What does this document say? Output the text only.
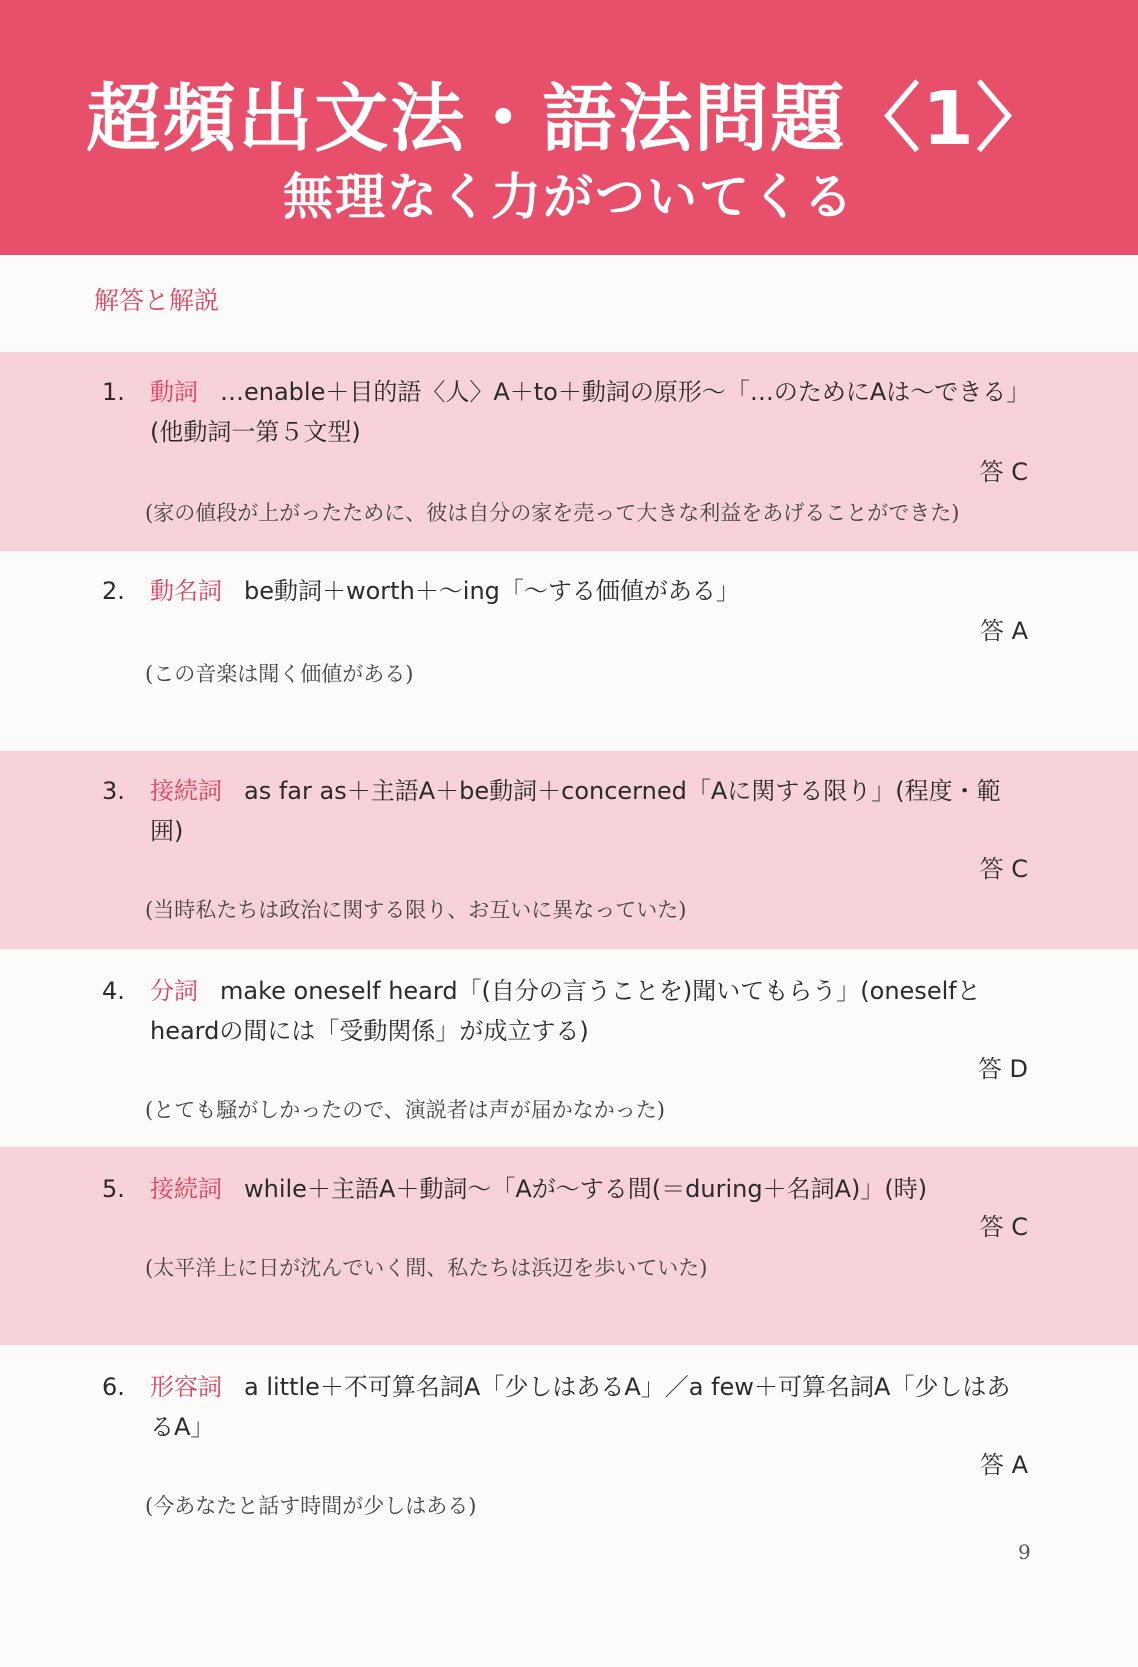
超頻出文法・語法問題〈1〉
無理なく力がついてくる
解答と解説
1. 動詞 …enable＋目的語〈人〉A＋to＋動詞の原形～「…のためにAは～できる」(他動詞一第５文型)
答 C
(家の値段が上がったために、彼は自分の家を売って大きな利益をあげることができた)
2. 動名詞 be動詞＋worth＋～ing「～する価値がある」
答 A
(この音楽は聞く価値がある)
3. 接続詞 as far as＋主語A＋be動詞＋concerned「Aに関する限り」(程度・範囲)
答 C
(当時私たちは政治に関する限り、お互いに異なっていた)
4. 分詞 make oneself heard「(自分の言うことを)聞いてもらう」(oneselfとheardの間には「受動関係」が成立する)
答 D
(とても騒がしかったので、演説者は声が届かなかった)
5. 接続詞 while＋主語A＋動詞～「Aが～する間(＝during＋名詞A)」(時)
答 C
(太平洋上に日が沈んでいく間、私たちは浜辺を歩いていた)
6. 形容詞 a little＋不可算名詞A「少しはあるA」／a few＋可算名詞A「少しはあるA」
答 A
(今あなたと話す時間が少しはある)
9
